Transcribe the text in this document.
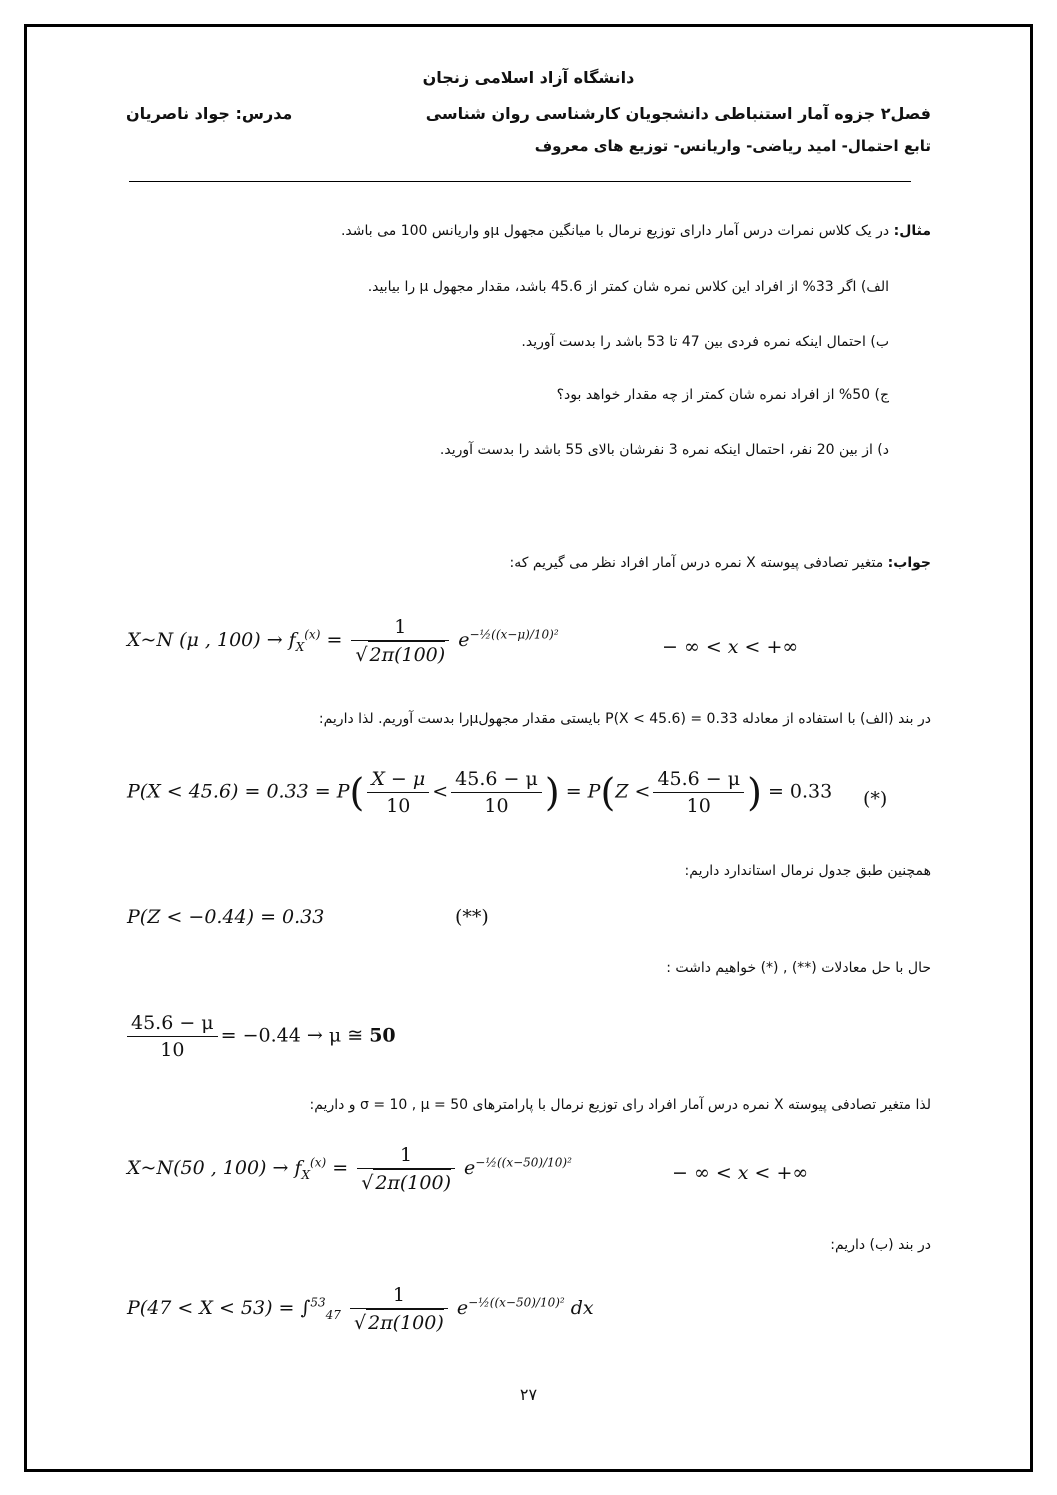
دانشگاه آزاد اسلامی زنجان
فصل۲ جزوه آمار استنباطی دانشجویان کارشناسی روان شناسی
مدرس: جواد ناصریان
تابع احتمال- امید ریاضی- واریانس- توزیع های معروف
مثال: در یک کلاس نمرات درس آمار دارای توزیع نرمال با میانگین مجهول μو واریانس 100 می باشد.
الف) اگر 33% از افراد این کلاس نمره شان کمتر از 45.6 باشد، مقدار مجهول μ را بیابید.
ب) احتمال اینکه نمره فردی بین 47 تا 53 باشد را بدست آورید.
ج) 50% از افراد نمره شان کمتر از چه مقدار خواهد بود؟
د) از بین 20 نفر، احتمال اینکه نمره 3 نفرشان بالای 55 باشد را بدست آورید.
جواب: متغیر تصادفی پیوسته X نمره درس آمار افراد نظر می گیریم که:
X~N (μ , $100) \to f_X^{(x)} = \frac{1}{√ 2\pi(100)} e^{-\frac{1}{2}((x-\mu)/10)^2}$
− ∞ < x < +∞
در بند (الف) با استفاده از معادله P(X < 45.6) = 0.33 بایستی مقدار مجهولμرا بدست آوریم. لذا داریم:
$P(X < 45.6) = 0.33 = P( \frac{X - \mu}{10} < \frac{45.6 - \mu}{10}$ ) = $P(Z < \frac{45.6 - \mu}{10}$ ) = 0.33 (*)
همچنین طبق جدول نرمال استاندارد داریم:
P(Z < −0.44) = 0.33	(**)
حال با حل معادلات (**) , (*) خواهیم داشت :
$\frac{45.6 - \mu}{10} = -0.44 \to \mu$ ≅ 50
لذا متغیر تصادفی پیوسته X نمره درس آمار افراد رای توزیع نرمال با پارامترهای σ = 10 , μ = 50 و داریم:
X~N(50 , $100) \to f_X^{(x)} = \frac{1}{√ 2\pi(100)} e^{-\frac{1}{2}((x-50)/10)^2}$	− ∞ < x < +∞
در بند (ب) داریم:
$P(47 < X < 53) = \int^{53}_{47} \frac{1}{√ 2\pi(100)} e^{-\frac{1}{2}((x-50)/10)^2}$ dx
۲۷
